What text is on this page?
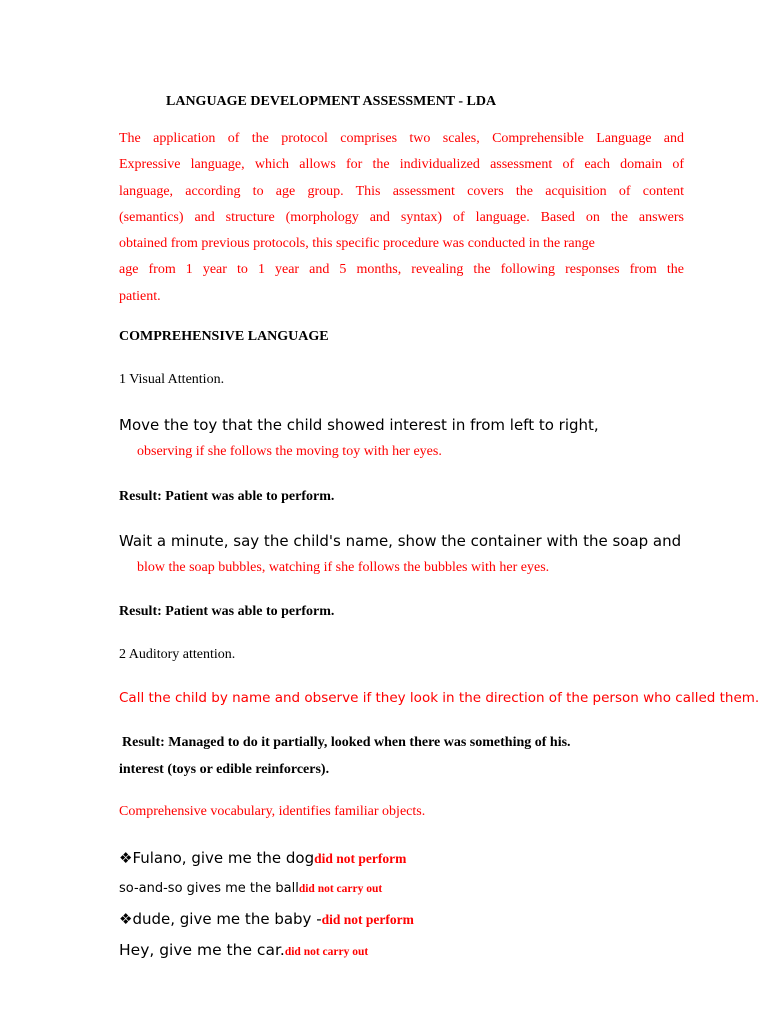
LANGUAGE DEVELOPMENT ASSESSMENT - LDA
The application of the protocol comprises two scales, Comprehensible Language and
Expressive language, which allows for the individualized assessment of each domain of
language, according to age group. This assessment covers the acquisition of content
(semantics) and structure (morphology and syntax) of language. Based on the answers
obtained from previous protocols, this specific procedure was conducted in the range
age from 1 year to 1 year and 5 months, revealing the following responses from the
patient.
COMPREHENSIVE LANGUAGE
1 Visual Attention.
Move the toy that the child showed interest in from left to right,
observing if she follows the moving toy with her eyes.
Result: Patient was able to perform.
Wait a minute, say the child's name, show the container with the soap and
blow the soap bubbles, watching if she follows the bubbles with her eyes.
Result: Patient was able to perform.
2 Auditory attention.
Call the child by name and observe if they look in the direction of the person who called them.
Result: Managed to do it partially, looked when there was something of his.
interest (toys or edible reinforcers).
Comprehensive vocabulary, identifies familiar objects.
❖Fulano, give me the dogdid not perform
so-and-so gives me the balldid not carry out
❖dude, give me the baby -did not perform
Hey, give me the car.did not carry out
